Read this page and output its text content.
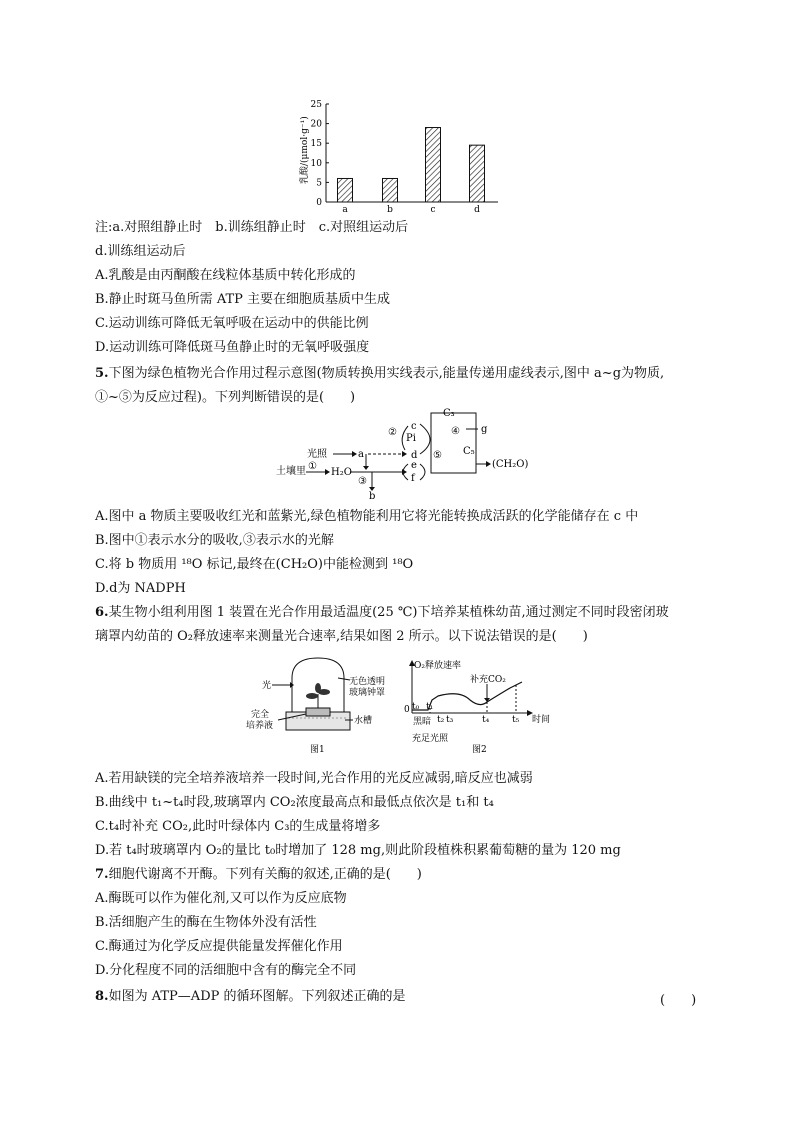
乳酸/(μmol·g⁻¹)
0
5
10
15
20
25
a	b	c	d
注:a.对照组静止时　b.训练组静止时　c.对照组运动后
d.训练组运动后
A.乳酸是由丙酮酸在线粒体基质中转化形成的
B.静止时斑马鱼所需 ATP 主要在细胞质基质中生成
C.运动训练可降低无氧呼吸在运动中的供能比例
D.运动训练可降低斑马鱼静止时的无氧呼吸强度
5.下图为绿色植物光合作用过程示意图(物质转换用实线表示,能量传递用虚线表示,图中 a~g为物质,
①~⑤为反应过程)。下列判断错误的是(　　)
光照
土壤里 ①
H₂O
a
b
③
②
c
Pi
d
e
f
C₃
④ g
⑤ C₅
(CH₂O)
A.图中 a 物质主要吸收红光和蓝紫光,绿色植物能利用它将光能转换成活跃的化学能储存在 c 中
B.图中①表示水分的吸收,③表示水的光解
C.将 b 物质用 ¹⁸O 标记,最终在(CH₂O)中能检测到 ¹⁸O
D.d为 NADPH
6.某生物小组利用图 1 装置在光合作用最适温度(25 ℃)下培养某植株幼苗,通过测定不同时段密闭玻
璃罩内幼苗的 O₂释放速率来测量光合速率,结果如图 2 所示。以下说法错误的是(　　)
光	无色透明
玻璃钟罩
完全
培养液	水槽
图1
O₂释放速率
0
时间
补充CO₂
t₀ t₁
t₂ t₃	t₄	t₅
黑暗
充足光照
图2
A.若用缺镁的完全培养液培养一段时间,光合作用的光反应减弱,暗反应也减弱
B.曲线中 t₁~t₄时段,玻璃罩内 CO₂浓度最高点和最低点依次是 t₁和 t₄
C.t₄时补充 CO₂,此时叶绿体内 C₃的生成量将增多
D.若 t₄时玻璃罩内 O₂的量比 t₀时增加了 128 mg,则此阶段植株积累葡萄糖的量为 120 mg
7.细胞代谢离不开酶。下列有关酶的叙述,正确的是(　　)
A.酶既可以作为催化剂,又可以作为反应底物
B.活细胞产生的酶在生物体外没有活性
C.酶通过为化学反应提供能量发挥催化作用
D.分化程度不同的活细胞中含有的酶完全不同
8.如图为 ATP—ADP 的循环图解。下列叙述正确的是	(　　)
